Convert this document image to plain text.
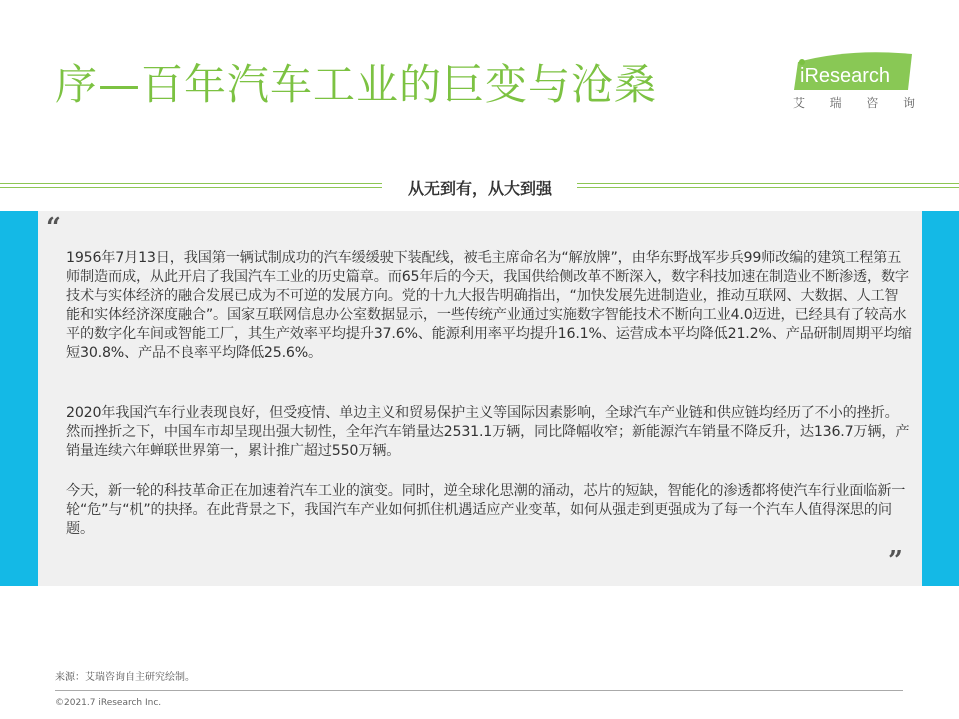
序—百年汽车工业的巨变与沧桑	iResearch
艾 瑞 咨 询
从无到有，从大到强
“

1956年7月13日，我国第一辆试制成功的汽车缓缓驶下装配线，被毛主席命名为“解放牌”，由华东野战军步兵99师改编的建筑工程第五师制造而成，从此开启了我国汽车工业的历史篇章。而65年后的今天，我国供给侧改革不断深入，数字科技加速在制造业不断渗透，数字技术与实体经济的融合发展已成为不可逆的发展方向。党的十九大报告明确指出，“加快发展先进制造业，推动互联网、大数据、人工智能和实体经济深度融合”。国家互联网信息办公室数据显示，一些传统产业通过实施数字智能技术不断向工业4.0迈进，已经具有了较高水平的数字化车间或智能工厂，其生产效率平均提升37.6%、能源利用率平均提升16.1%、运营成本平均降低21.2%、产品研制周期平均缩短30.8%、产品不良率平均降低25.6%。

2020年我国汽车行业表现良好，但受疫情、单边主义和贸易保护主义等国际因素影响，全球汽车产业链和供应链均经历了不小的挫折。然而挫折之下，中国车市却呈现出强大韧性，全年汽车销量达2531.1万辆，同比降幅收窄；新能源汽车销量不降反升，达136.7万辆，产销量连续六年蝉联世界第一，累计推广超过550万辆。

今天，新一轮的科技革命正在加速着汽车工业的演变。同时，逆全球化思潮的涌动，芯片的短缺，智能化的渗透都将使汽车行业面临新一轮“危”与“机”的抉择。在此背景之下，我国汽车产业如何抓住机遇适应产业变革，如何从强走到更强成为了每一个汽车人值得深思的问题。

”
来源：艾瑞咨询自主研究绘制。
©2021.7 iResearch Inc.
